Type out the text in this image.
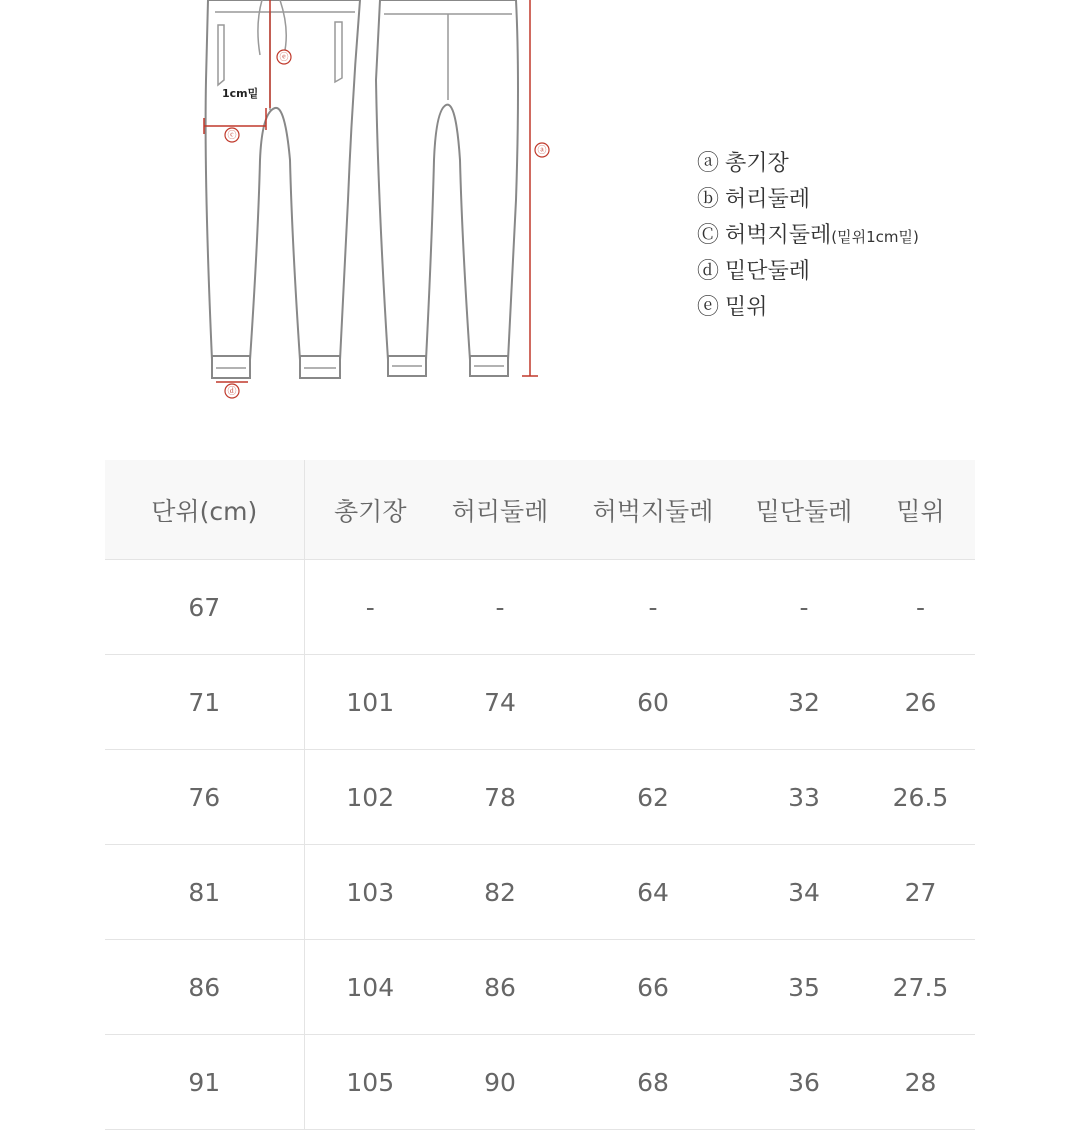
ⓐ
ⓔ
ⓒ
ⓓ
1cm밑
ⓐ 총기장
ⓑ 허리둘레
Ⓒ 허벅지둘레(밑위1cm밑)
ⓓ 밑단둘레
ⓔ 밑위
단위(cm)	총기장	허리둘레	허벅지둘레	밑단둘레	밑위
67	-	-	-	-	-
71	101	74	60	32	26
76	102	78	62	33	26.5
81	103	82	64	34	27
86	104	86	66	35	27.5
91	105	90	68	36	28
